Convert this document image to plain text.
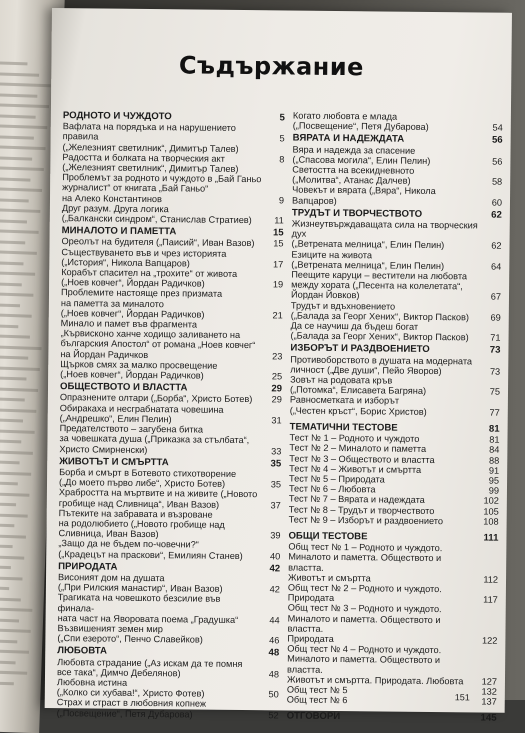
Съдържание
РОДНОТО И ЧУЖДОТО	5
Вафлата на порядъка и на нарушението правила	5
(„Железният светилник“, Димитър Талев)
Радостта и болката на творческия акт	8
(„Железният светилник“, Димитър Талев)
Проблемът за родното и чуждото в „Бай Ганьо
журналист“ от книгата „Бай Ганьо“
на Алеко Константинов	9
Друг разум. Друга логика
(„Балкански синдром“, Станислав Стратиев)	11
МИНАЛОТО И ПАМЕТТА	15
Ореолът на будителя („Паисий“, Иван Вазов)	15
Съществуването във и чрез историята
(„История“, Никола Вапцаров)	17
Корабът спасител на „трохите“ от живота
(„Ноев ковчег“, Йордан Радичков)	19
Проблемите настояще през призмата
на паметта за миналото
(„Ноев ковчег“, Йордан Радичков)	21
Минало и памет във фрагмента
„Кървисконо ханче ходищо заливането на
българския Апостол“ от романа „Ноев ковчег“
на Йордан Радичков	23
Щърков смях за малко просвещение
(„Ноев ковчег“, Йордан Радичков)	25
ОБЩЕСТВОТО И ВЛАСТТА	29
Опразнените олтари („Борба“, Христо Ботев)	29
Обиракаха и несграбнатата човешина
(„Андрешко“, Елин Пелин)	31
Предателството – загубена битка
за човешката душа („Приказка за стълбата“,
Христо Смирненски)	33
ЖИВОТЪТ И СМЪРТТА	35
Борба и смърт в Ботевото стихотворение
(„До моето първо либе“, Христо Ботев)	35
Храбростта на мъртвите и на живите („Новото
гробище над Сливница“, Иван Вазов)	37
Пътеките на забравата и възроване
на родолюбието („Новото гробище над
Сливница, Иван Вазов)	39
„Защо да не бъдем по-човечни?“
(„Крадецът на праскови“, Емилиян Станев)	40
ПРИРОДАТА	42
Висоният дом на душата
(„При Рилския манастир“, Иван Вазов)	42
Трагиката на човешкото безсилие във финала-
ната част на Яворовата поема „Градушка“	44
Възвишеният земен мир
(„Спи езерото“, Пенчо Славейков)	46
ЛЮБОВТА	48
Любовта страдание („Аз искам да те помня
все така“, Димчо Дебелянов)	48
Любовна истина
(„Колко си хубава!“, Христо Фотев)	50
Страх и страст в любовния копнеж
(„Посвещение“, Петя Дубарова)	52
Когато любовта е млада
(„Посвещение“, Петя Дубарова)	54
ВЯРАТА И НАДЕЖДАТА	56
Вяра и надежда за спасение
(„Спасова могила“, Елин Пелин)	56
Светостта на всекидневното
(„Молитва“, Атанас Далчев)	58
Човекът и вярата („Вяра“, Никола Вапцаров)	60
ТРУДЪТ И ТВОРЧЕСТВОТО	62
Жизнеутвърждаващата сила на творческия дух
(„Ветрената мелница“, Елин Пелин)	62
Езиците на живота
(„Ветрената мелница“, Елин Пелин)	64
Пеещите каруци – вестители на любовта
между хората („Песента на колелетата“,
Йордан Йовков)	67
Трудът и вдъхновението
(„Балада за Георг Хених“, Виктор Пасков)	69
Да се научиш да бъдеш богат
(„Балада за Георг Хених“, Виктор Пасков)	71
ИЗБОРЪТ И РАЗДВОЕНИЕТО	73
Противоборството в душата на модерната
личност („Две души“, Пейо Яворов)	73
Зовът на родовата кръв
(„Потомка“, Елисавета Багряна)	75
Равносметката и изборът
(„Честен кръст“, Борис Христов)	77
ТЕМАТИЧНИ ТЕСТОВЕ	81
Тест № 1 – Родното и чуждото	81
Тест № 2 – Миналото и паметта	84
Тест № 3 – Обществото и властта	88
Тест № 4 – Животът и смъртта	91
Тест № 5 – Природата	95
Тест № 6 – Любовта	99
Тест № 7 – Вярата и надеждата	102
Тест № 8 – Трудът и творчеството	105
Тест № 9 – Изборът и раздвоението	108
ОБЩИ ТЕСТОВЕ	111
Общ тест № 1 – Родното и чуждото.
Миналото и паметта. Обществото и властта.
Животът и смъртта	112
Общ тест № 2 – Родното и чуждото.
Природата	117
Общ тест № 3 – Родното и чуждото.
Миналото и паметта. Обществото и властта.
Природата	122
Общ тест № 4 – Родното и чуждото.
Миналото и паметта. Обществото и властта.
Животът и смъртта. Природата. Любовта	127
Общ тест № 5	132
Общ тест № 6	137
ОТГОВОРИ	145
151
